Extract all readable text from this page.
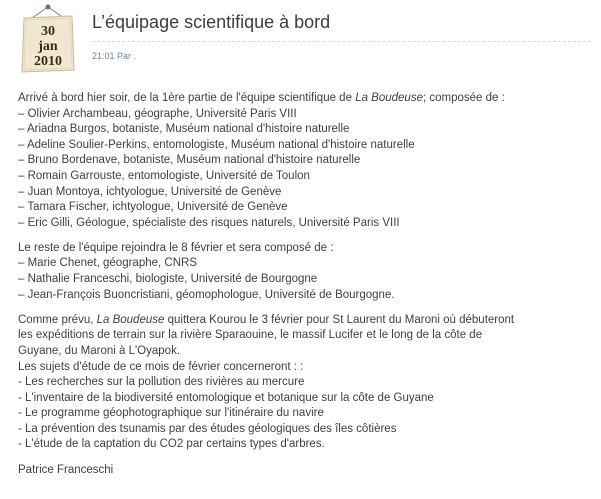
30
jan
2010
L’équipage scientifique à bord
21:01 Par .

Arrivé à bord hier soir, de la 1ère partie de l'équipe scientifique de La Boudeuse; composée de :
– Olivier Archambeau, géographe, Université Paris VIII
– Ariadna Burgos, botaniste, Muséum national d'histoire naturelle
– Adeline Soulier-Perkins, entomologiste, Muséum national d'histoire naturelle
– Bruno Bordenave, botaniste, Muséum national d'histoire naturelle
– Romain Garrouste, entomologiste, Université de Toulon
– Juan Montoya, ichtyologue, Université de Genève
– Tamara Fischer, ichtyologue, Université de Genève
– Eric Gilli, Géologue, spécialiste des risques naturels, Université Paris VIII

Le reste de l'équipe rejoindra le 8 février et sera composé de :
– Marie Chenet, géographe, CNRS
– Nathalie Franceschi, biologiste, Université de Bourgogne
– Jean-François Buoncristiani, géomophologue, Université de Bourgogne.

Comme prévu, La Boudeuse quittera Kourou le 3 février pour St Laurent du Maroni où débuteront
les expéditions de terrain sur la rivière Sparaouine, le massif Lucifer et le long de la côte de
Guyane, du Maroni à L'Oyapok.
Les sujets d'étude de ce mois de février concerneront : :
- Les recherches sur la pollution des rivières au mercure
- L'inventaire de la biodiversité entomologique et botanique sur la côte de Guyane
- Le programme géophotographique sur l'itinéraire du navire
- La prévention des tsunamis par des études géologiques des îles côtières
- L'étude de la captation du CO2 par certains types d'arbres.

Patrice Franceschi
